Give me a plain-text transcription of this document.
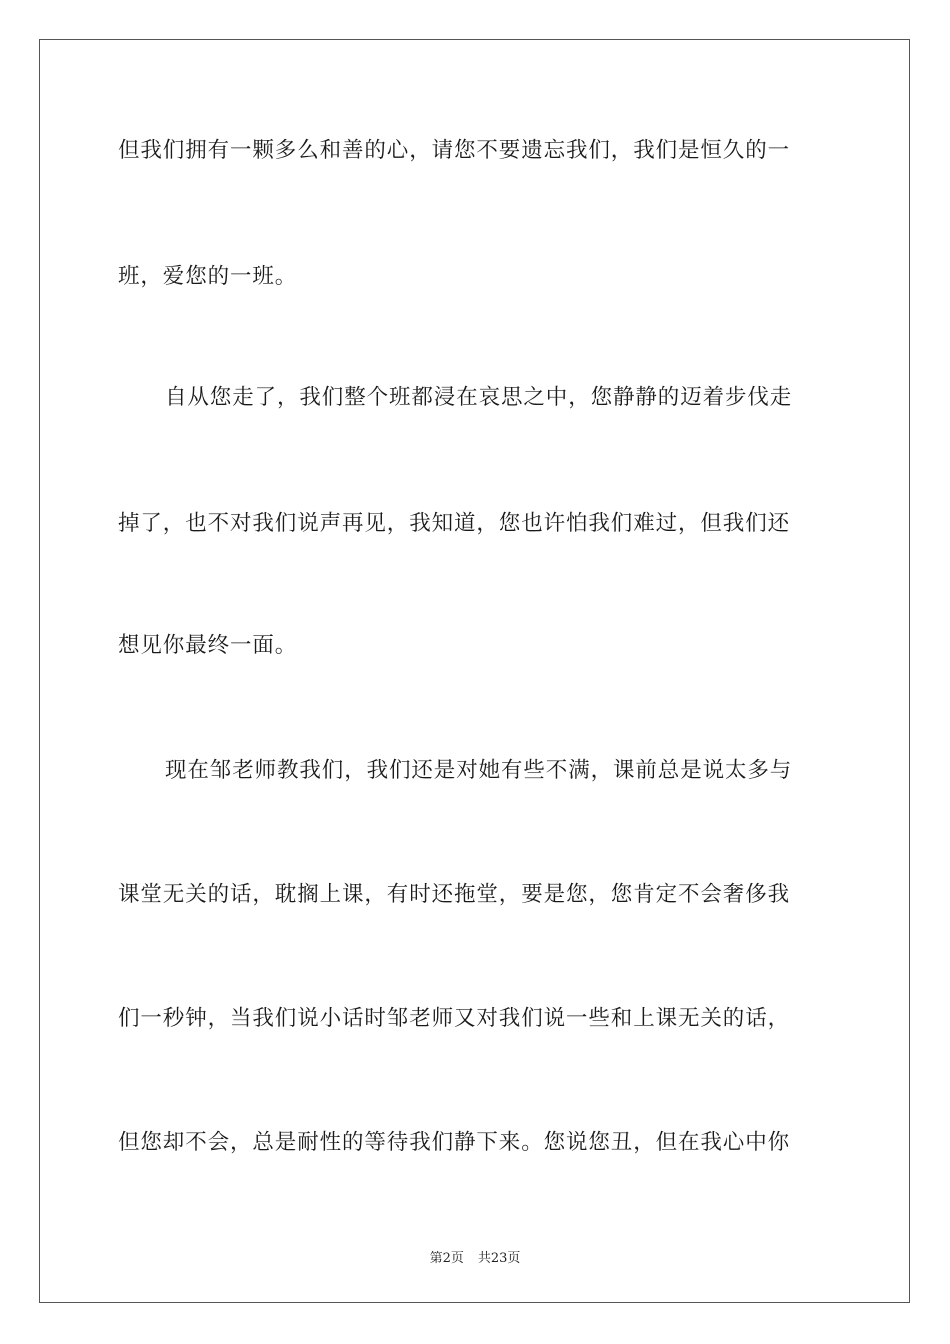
但我们拥有一颗多么和善的心，请您不要遗忘我们，我们是恒久的一
班，爱您的一班。
自从您走了，我们整个班都浸在哀思之中，您静静的迈着步伐走
掉了，也不对我们说声再见，我知道，您也许怕我们难过，但我们还
想见你最终一面。
现在邹老师教我们，我们还是对她有些不满，课前总是说太多与
课堂无关的话，耽搁上课，有时还拖堂，要是您，您肯定不会奢侈我
们一秒钟，当我们说小话时邹老师又对我们说一些和上课无关的话，
但您却不会，总是耐性的等待我们静下来。您说您丑，但在我心中你
第2页 共23页
